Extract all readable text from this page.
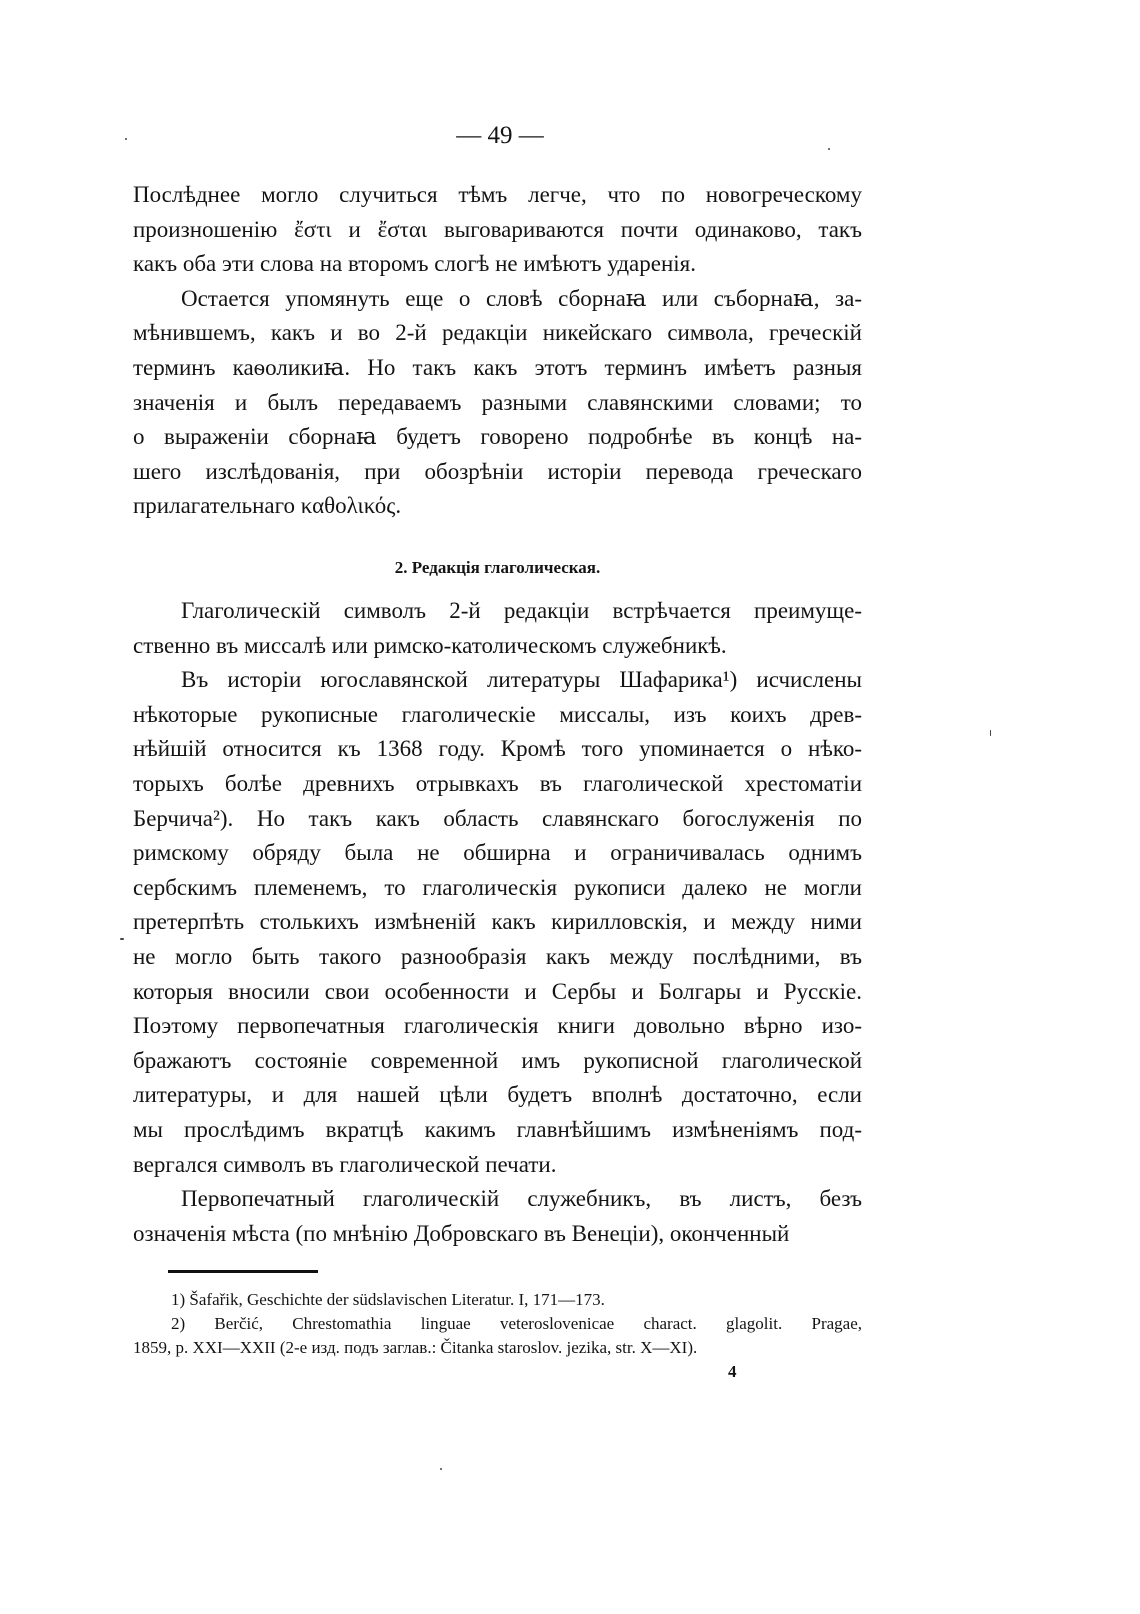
— 49 —
Послѣднее могло случиться тѣмъ легче, что по новогреческому
произношенію ἔστι и ἔσται выговариваются почти одинаково, такъ
какъ оба эти слова на второмъ слогѣ не имѣютъ ударенія.
Остается упомянуть еще о словѣ сборнаꙗ или съборнаꙗ, за-
мѣнившемъ, какъ и во 2-й редакціи никейскаго символа, греческій
терминъ каѳоликиꙗ. Но такъ какъ этотъ терминъ имѣетъ разныя
значенія и былъ передаваемъ разными славянскими словами; то
о выраженіи сборнаꙗ будетъ говорено подробнѣе въ концѣ на-
шего изслѣдованія, при обозрѣніи исторіи перевода греческаго
прилагательнаго καθολικός.
2. Редакція глаголическая.
Глаголическій символъ 2-й редакціи встрѣчается преимуще-
ственно въ миссалѣ или римско-католическомъ служебникѣ.
Въ исторіи югославянской литературы Шафарика¹) исчислены
нѣкоторые рукописные глаголическіе миссалы, изъ коихъ древ-
нѣйшій относится къ 1368 году. Кромѣ того упоминается о нѣко-
торыхъ болѣе древнихъ отрывкахъ въ глаголической хрестоматіи
Берчича²). Но такъ какъ область славянскаго богослуженія по
римскому обряду была не обширна и ограничивалась однимъ
сербскимъ племенемъ, то глаголическія рукописи далеко не могли
претерпѣть столькихъ измѣненій какъ кирилловскія, и между ними
не могло быть такого разнообразія какъ между послѣдними, въ
которыя вносили свои особенности и Сербы и Болгары и Русскіе.
Поэтому первопечатныя глаголическія книги довольно вѣрно изо-
бражаютъ состояніе современной имъ рукописной глаголической
литературы, и для нашей цѣли будетъ вполнѣ достаточно, если
мы прослѣдимъ вкратцѣ какимъ главнѣйшимъ измѣненіямъ под-
вергался символъ въ глаголической печати.
Первопечатный глаголическій служебникъ, въ листъ, безъ
означенія мѣста (по мнѣнію Добровскаго въ Венеціи), оконченный
1) Šafařik, Geschichte der südslavischen Literatur. I, 171—173.
2) Berčić, Chrestomathia linguae veteroslovenicae charact. glagolit. Pragae,
1859, p. XXI—XXII (2-е изд. подъ заглав.: Čitanka staroslov. jezika, str. X—XI).
4
